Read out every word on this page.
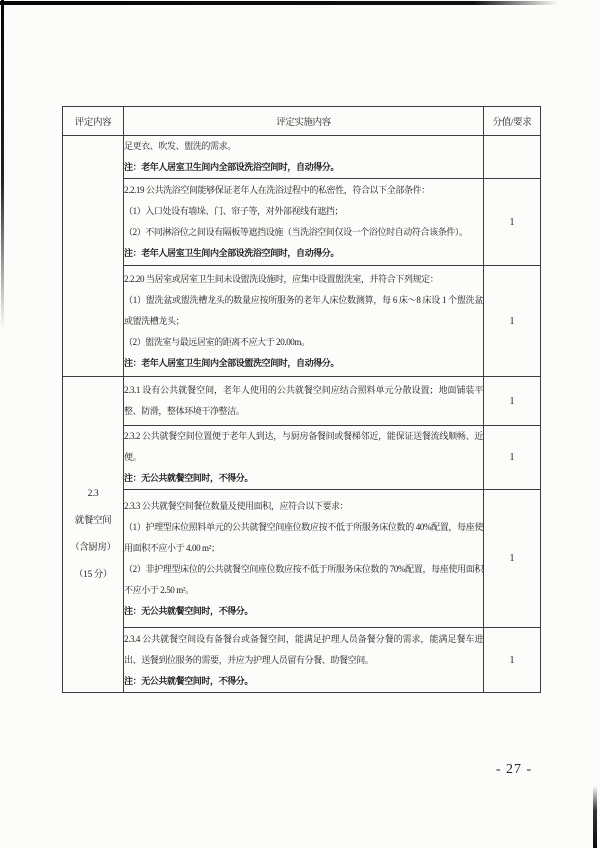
评定内容	评定实施内容	分值/要求

	足更衣、吹发、盥洗的需求。

注：老年人居室卫生间内全部设洗浴空间时，自动得分。	

	2.2.19 公共洗浴空间能够保证老年人在洗浴过程中的私密性，符合以下全部条件：

（1）入口处设有墙垛、门、帘子等，对外部视线有遮挡；

（2）不同淋浴位之间设有隔板等遮挡设施（当洗浴空间仅设一个浴位时自动符合该条件）。

注：老年人居室卫生间内全部设洗浴空间时，自动得分。	1

	2.2.20 当居室或居室卫生间未设盥洗设施时，应集中设置盥洗室，并符合下列规定：

（1）盥洗盆或盥洗槽龙头的数量应按所服务的老年人床位数测算，每 6 床～8 床设 1 个盥洗盆或盥洗槽龙头；

（2）盥洗室与最远居室的距离不应大于 20.00m。

注：老年人居室卫生间内全部设盥洗空间时，自动得分。	1

2.3

就餐空间

（含厨房）

（15 分）	2.3.1 设有公共就餐空间，老年人使用的公共就餐空间应结合照料单元分散设置；地面铺装平整、防滑，整体环境干净整洁。	1

	2.3.2 公共就餐空间位置便于老年人到达，与厨房备餐间或餐梯邻近，能保证送餐流线顺畅、近便。

注：无公共就餐空间时，不得分。	1

	2.3.3 公共就餐空间餐位数量及使用面积，应符合以下要求：

（1）护理型床位照料单元的公共就餐空间座位数应按不低于所服务床位数的 40%配置，每座使用面积不应小于 4.00 m²；

（2）非护理型床位的公共就餐空间座位数应按不低于所服务床位数的 70%配置，每座使用面积不应小于 2.50 m²。

注：无公共就餐空间时，不得分。	1

	2.3.4 公共就餐空间设有备餐台或备餐空间，能满足护理人员备餐分餐的需求，能满足餐车进出、送餐到位服务的需要，并应为护理人员留有分餐、助餐空间。

注：无公共就餐空间时，不得分。	1
- 27 -
